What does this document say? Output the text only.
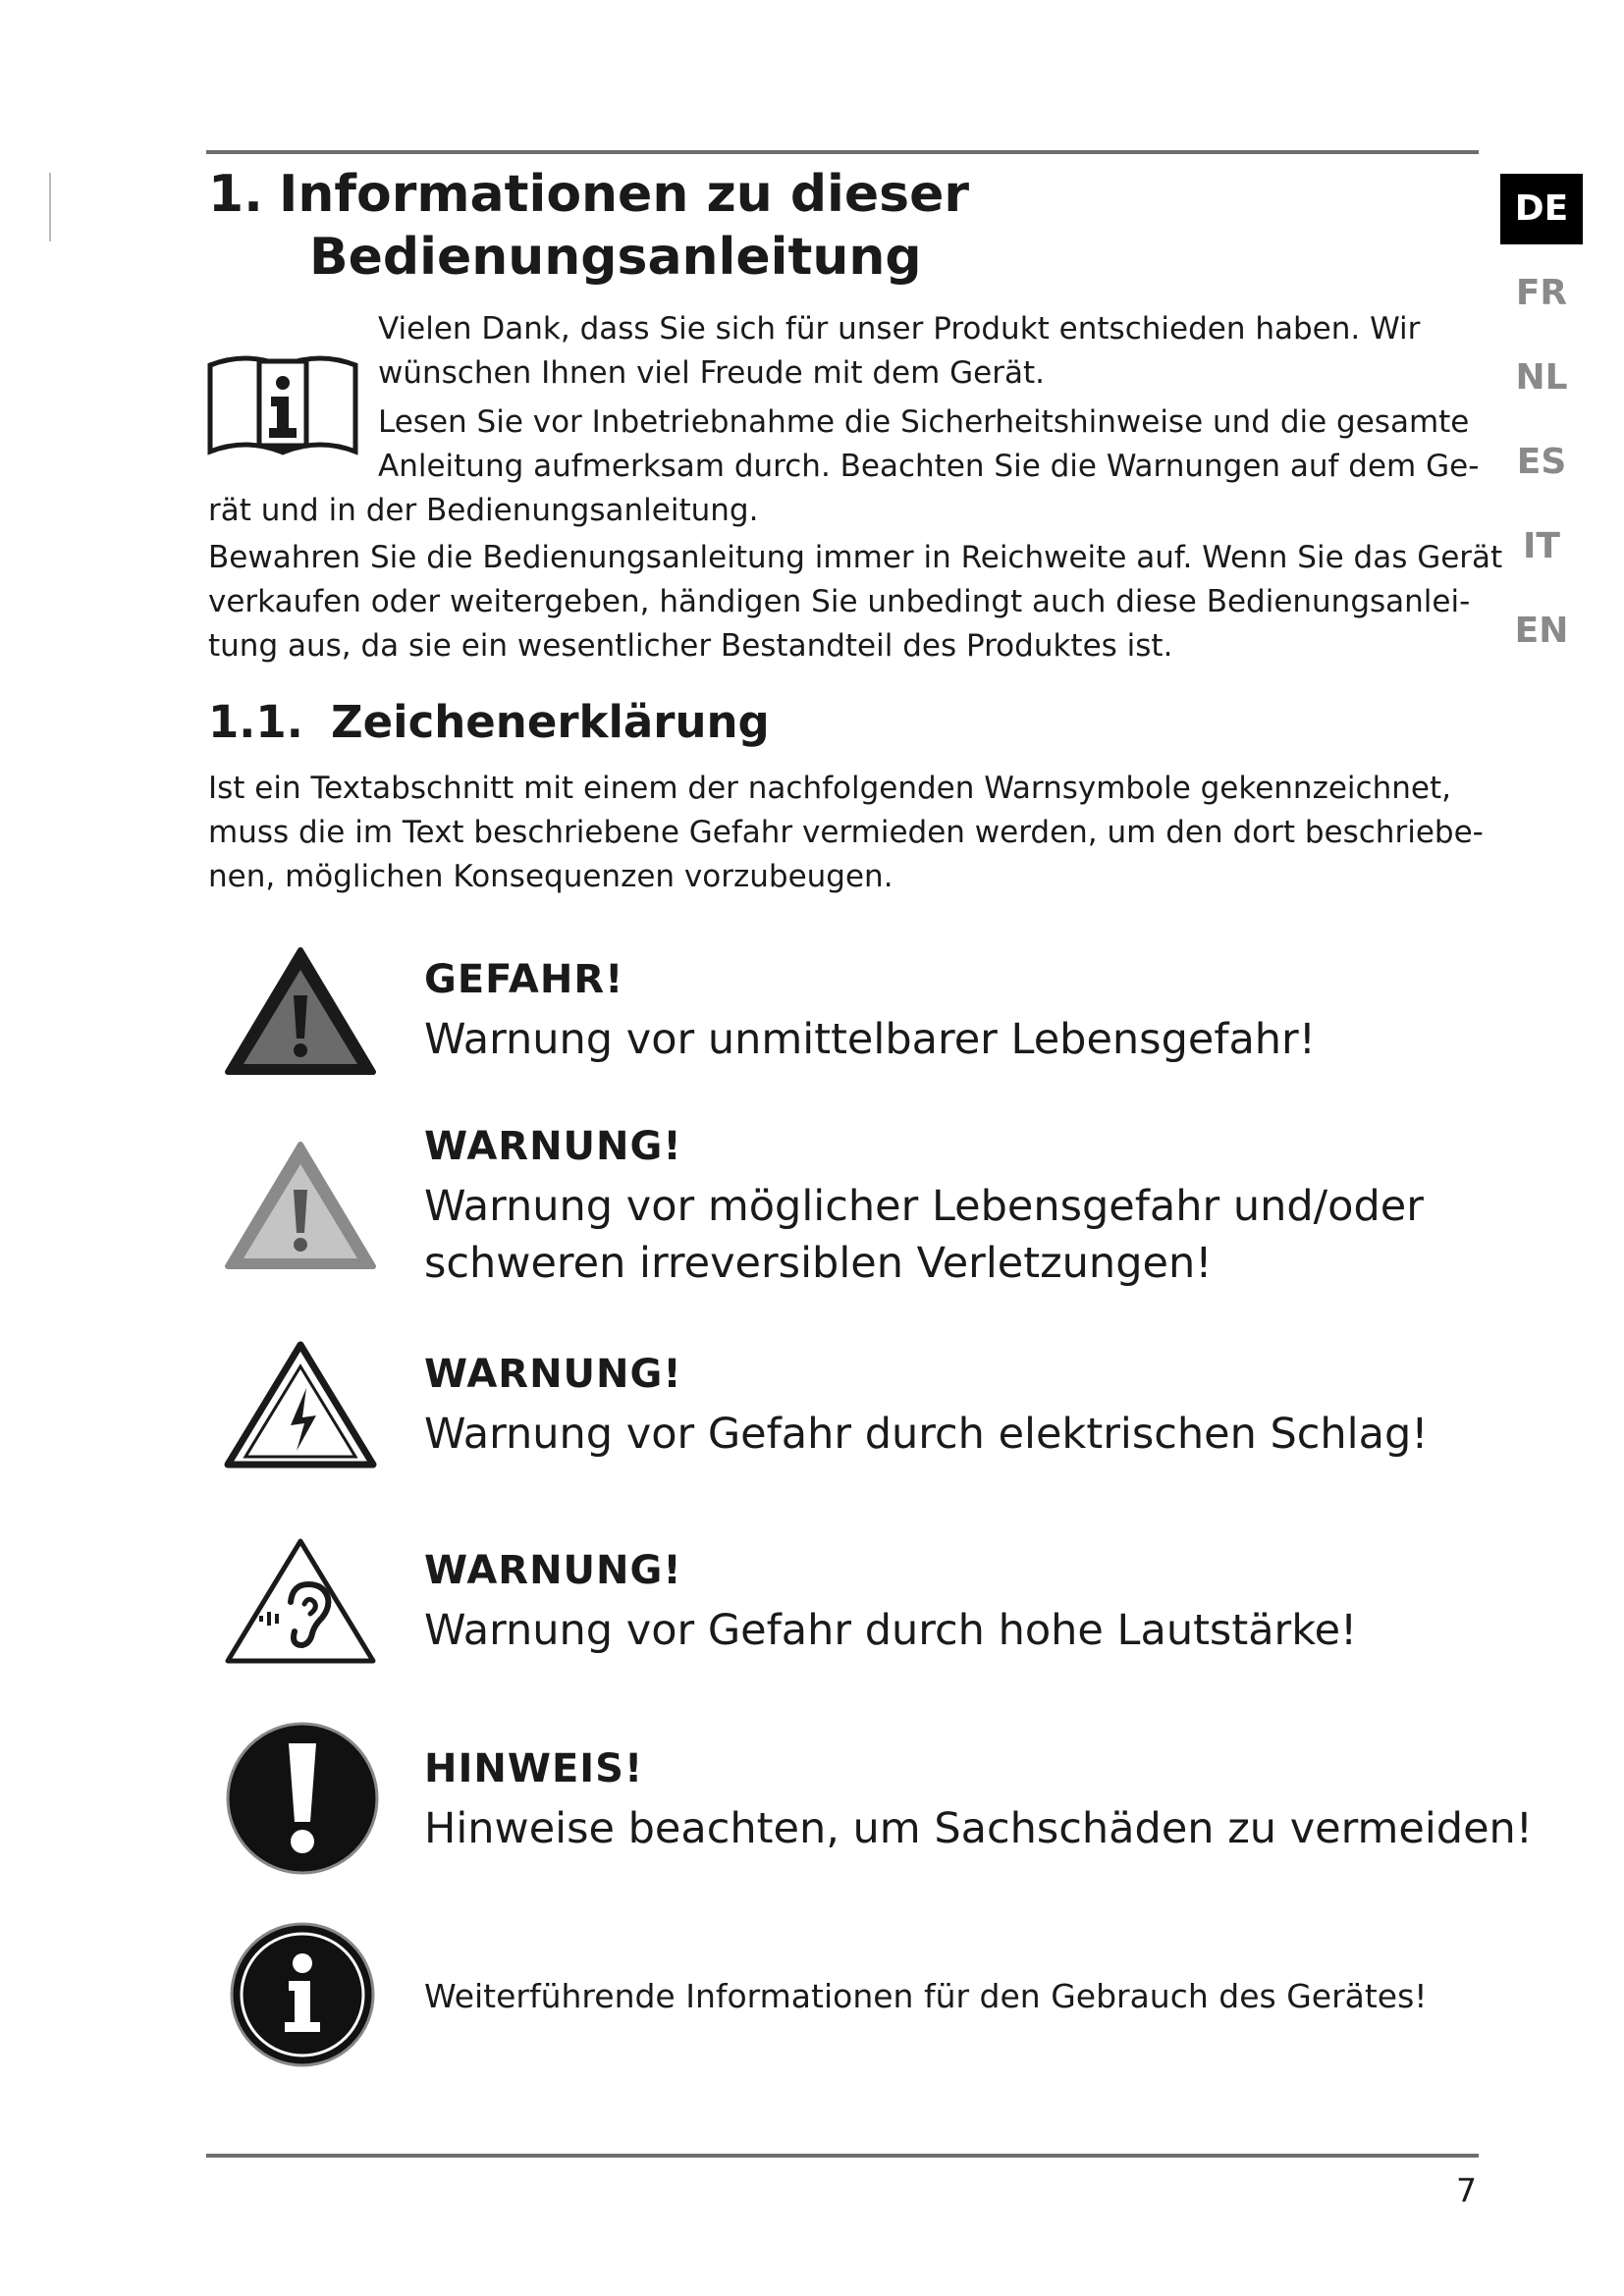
1. Informationen zu dieser
Bedienungsanleitung
DE
FR
NL
ES
IT
EN
Vielen Dank, dass Sie sich für unser Produkt entschieden haben. Wir
wünschen Ihnen viel Freude mit dem Gerät.
Lesen Sie vor Inbetriebnahme die Sicherheitshinweise und die gesamte
Anleitung aufmerksam durch. Beachten Sie die Warnungen auf dem Ge-
rät und in der Bedienungsanleitung.
Bewahren Sie die Bedienungsanleitung immer in Reichweite auf. Wenn Sie das Gerät
verkaufen oder weitergeben, händigen Sie unbedingt auch diese Bedienungsanlei-
tung aus, da sie ein wesentlicher Bestandteil des Produktes ist.
1.1. Zeichenerklärung
Ist ein Textabschnitt mit einem der nachfolgenden Warnsymbole gekennzeichnet,
muss die im Text beschriebene Gefahr vermieden werden, um den dort beschriebe-
nen, möglichen Konsequenzen vorzubeugen.
GEFAHR!
Warnung vor unmittelbarer Lebensgefahr!
WARNUNG!
Warnung vor möglicher Lebensgefahr und/oder
schweren irreversiblen Verletzungen!
WARNUNG!
Warnung vor Gefahr durch elektrischen Schlag!
WARNUNG!
Warnung vor Gefahr durch hohe Lautstärke!
HINWEIS!
Hinweise beachten, um Sachschäden zu vermeiden!
Weiterführende Informationen für den Gebrauch des Gerätes!
7
